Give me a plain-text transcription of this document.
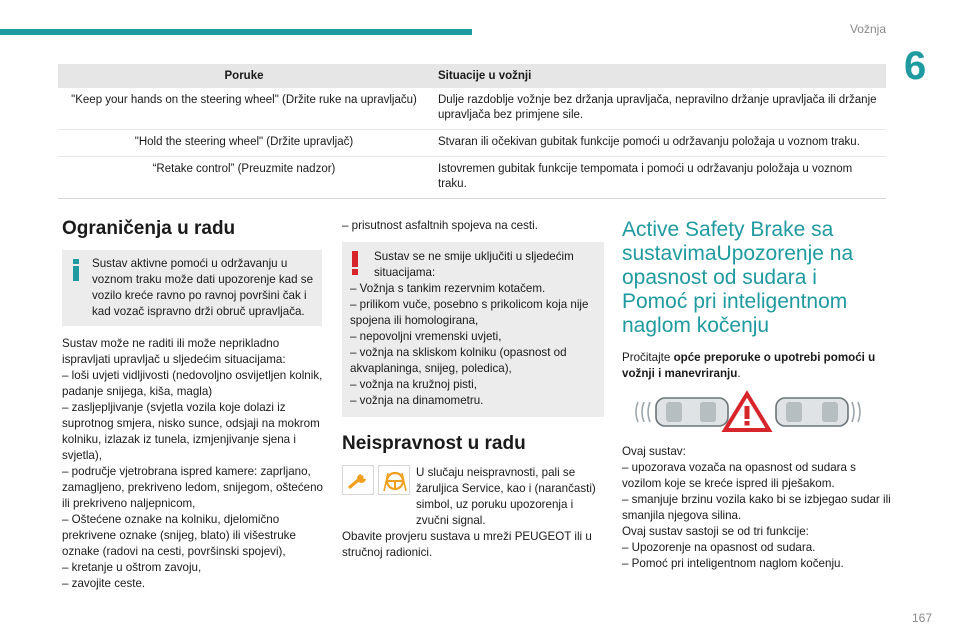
Vožnja
6
Poruke	Situacije u vožnji
"Keep your hands on the steering wheel" (Držite ruke na upravljaču)	Dulje razdoblje vožnje bez držanja upravljača, nepravilno držanje upravljača ili držanje upravljača bez primjene sile.
"Hold the steering wheel" (Držite upravljač)	Stvaran ili očekivan gubitak funkcije pomoći u održavanju položaja u voznom traku.
“Retake control” (Preuzmite nadzor)	Istovremen gubitak funkcije tempomata i pomoći u održavanju položaja u voznom traku.
Ograničenja u radu
Sustav aktivne pomoći u održavanju u voznom traku može dati upozorenje kad se vozilo kreće ravno po ravnoj površini čak i kad vozač ispravno drži obruč upravljača.
Sustav može ne raditi ili može neprikladno ispravljati upravljač u sljedećim situacijama:
– loši uvjeti vidljivosti (nedovoljno osvijetljen kolnik, padanje snijega, kiša, magla)
– zasljepljivanje (svjetla vozila koje dolazi iz suprotnog smjera, nisko sunce, odsjaji na mokrom kolniku, izlazak iz tunela, izmjenjivanje sjena i svjetla),
– područje vjetrobrana ispred kamere: zaprljano, zamagljeno, prekriveno ledom, snijegom, oštećeno ili prekriveno naljepnicom,
– Oštećene oznake na kolniku, djelomično prekrivene oznake (snijeg, blato) ili višestruke oznake (radovi na cesti, površinski spojevi),
– kretanje u oštrom zavoju,
– zavojite ceste.
– prisutnost asfaltnih spojeva na cesti.
Sustav se ne smije uključiti u sljedećim situacijama:
– Vožnja s tankim rezervnim kotačem.
– prilikom vuče, posebno s prikolicom koja nije spojena ili homologirana,
– nepovoljni vremenski uvjeti,
– vožnja na skliskom kolniku (opasnost od akvaplaninga, snijeg, poledica),
– vožnja na kružnoj pisti,
– vožnja na dinamometru.
Neispravnost u radu
U slučaju neispravnosti, pali se žaruljica Service, kao i (narančasti) simbol, uz poruku upozorenja i zvučni signal.
Obavite provjeru sustava u mreži PEUGEOT ili u stručnoj radionici.
Active Safety Brake sa sustavimaUpozorenje na opasnost od sudara i Pomoć pri inteligentnom naglom kočenju
Pročitajte opće preporuke o upotrebi pomoći u vožnji i manevriranju.
Ovaj sustav:
– upozorava vozača na opasnost od sudara s vozilom koje se kreće ispred ili pješakom.
– smanjuje brzinu vozila kako bi se izbjegao sudar ili smanjila njegova silina.
Ovaj sustav sastoji se od tri funkcije:
– Upozorenje na opasnost od sudara.
– Pomoć pri inteligentnom naglom kočenju.
167
